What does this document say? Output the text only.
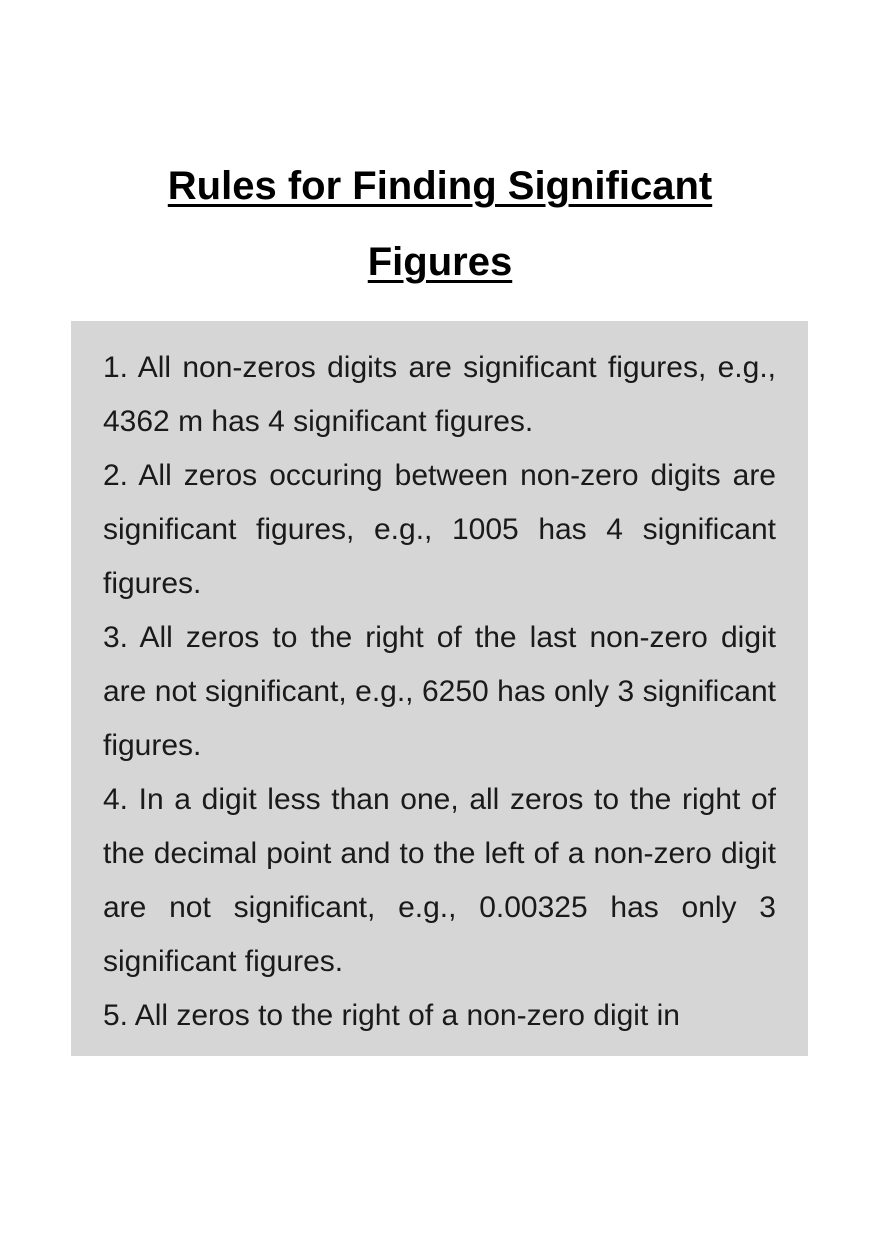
Rules for Finding Significant
Figures

1. All non-zeros digits are significant figures, e.g., 4362 m has 4 significant figures.

2. All zeros occuring between non-zero digits are significant figures, e.g., 1005 has 4 significant figures.

3. All zeros to the right of the last non-zero digit are not significant, e.g., 6250 has only 3 significant figures.

4. In a digit less than one, all zeros to the right of the decimal point and to the left of a non-zero digit are not significant, e.g., 0.00325 has only 3 significant figures.

5. All zeros to the right of a non-zero digit in
